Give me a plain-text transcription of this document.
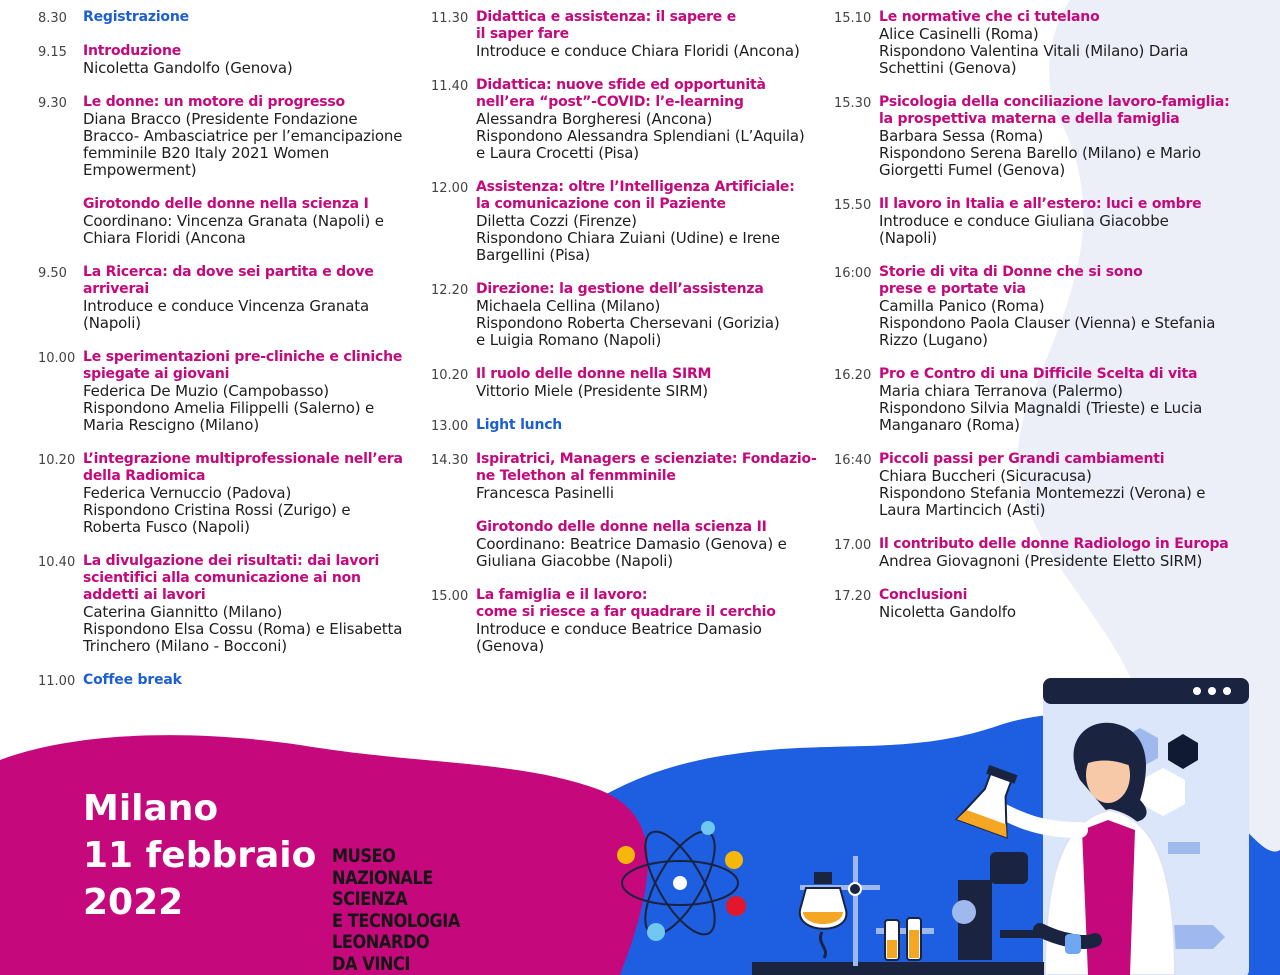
8.30	Registrazione
9.15	Introduzione
Nicoletta Gandolfo (Genova)
9.30	Le donne: un motore di progresso
Diana Bracco (Presidente Fondazione
Bracco- Ambasciatrice per l’emancipazione
femminile B20 Italy 2021 Women
Empowerment)
Girotondo delle donne nella scienza I
Coordinano: Vincenza Granata (Napoli) e
Chiara Floridi (Ancona
9.50	La Ricerca: da dove sei partita e dove
arriverai
Introduce e conduce Vincenza Granata
(Napoli)
10.00 Le sperimentazioni pre-cliniche e cliniche
spiegate ai giovani
Federica De Muzio (Campobasso)
Rispondono Amelia Filippelli (Salerno) e
Maria Rescigno (Milano)
10.20 L’integrazione multiprofessionale nell’era
della Radiomica
Federica Vernuccio (Padova)
Rispondono Cristina Rossi (Zurigo) e
Roberta Fusco (Napoli)
10.40 La divulgazione dei risultati: dai lavori
scientifici alla comunicazione ai non
addetti ai lavori
Caterina Giannitto (Milano)
Rispondono Elsa Cossu (Roma) e Elisabetta
Trinchero (Milano - Bocconi)
11.00 Coffee break
11.30 Didattica e assistenza: il sapere e
il saper fare
Introduce e conduce Chiara Floridi (Ancona)
11.40 Didattica: nuove sfide ed opportunità
nell’era “post”-COVID: l’e-learning
Alessandra Borgheresi (Ancona)
Rispondono Alessandra Splendiani (L’Aquila)
e Laura Crocetti (Pisa)
12.00 Assistenza: oltre l’Intelligenza Artificiale:
la comunicazione con il Paziente
Diletta Cozzi (Firenze)
Rispondono Chiara Zuiani (Udine) e Irene
Bargellini (Pisa)
12.20 Direzione: la gestione dell’assistenza
Michaela Cellina (Milano)
Rispondono Roberta Chersevani (Gorizia)
e Luigia Romano (Napoli)
10.20 Il ruolo delle donne nella SIRM
Vittorio Miele (Presidente SIRM)
13.00 Light lunch
14.30 Ispiratrici, Managers e scienziate: Fondazio-
ne Telethon al fenmminile
Francesca Pasinelli
Girotondo delle donne nella scienza II
Coordinano: Beatrice Damasio (Genova) e
Giuliana Giacobbe (Napoli)
15.00 La famiglia e il lavoro:
come si riesce a far quadrare il cerchio
Introduce e conduce Beatrice Damasio
(Genova)
15.10 Le normative che ci tutelano
Alice Casinelli (Roma)
Rispondono Valentina Vitali (Milano) Daria
Schettini (Genova)
15.30 Psicologia della conciliazione lavoro-famiglia:
la prospettiva materna e della famiglia
Barbara Sessa (Roma)
Rispondono Serena Barello (Milano) e Mario
Giorgetti Fumel (Genova)
15.50 Il lavoro in Italia e all’estero: luci e ombre
Introduce e conduce Giuliana Giacobbe
(Napoli)
16:00 Storie di vita di Donne che si sono
prese e portate via
Camilla Panico (Roma)
Rispondono Paola Clauser (Vienna) e Stefania
Rizzo (Lugano)
16.20 Pro e Contro di una Difficile Scelta di vita
Maria chiara Terranova (Palermo)
Rispondono Silvia Magnaldi (Trieste) e Lucia
Manganaro (Roma)
16:40 Piccoli passi per Grandi cambiamenti
Chiara Buccheri (Sicuracusa)
Rispondono Stefania Montemezzi (Verona) e
Laura Martincich (Asti)
17.00 Il contributo delle donne Radiologo in Europa
Andrea Giovagnoni (Presidente Eletto SIRM)
17.20 Conclusioni
Nicoletta Gandolfo
Milano
11 febbraio
2022
MUSEO
NAZIONALE
SCIENZA
E TECNOLOGIA
LEONARDO
DA VINCI
